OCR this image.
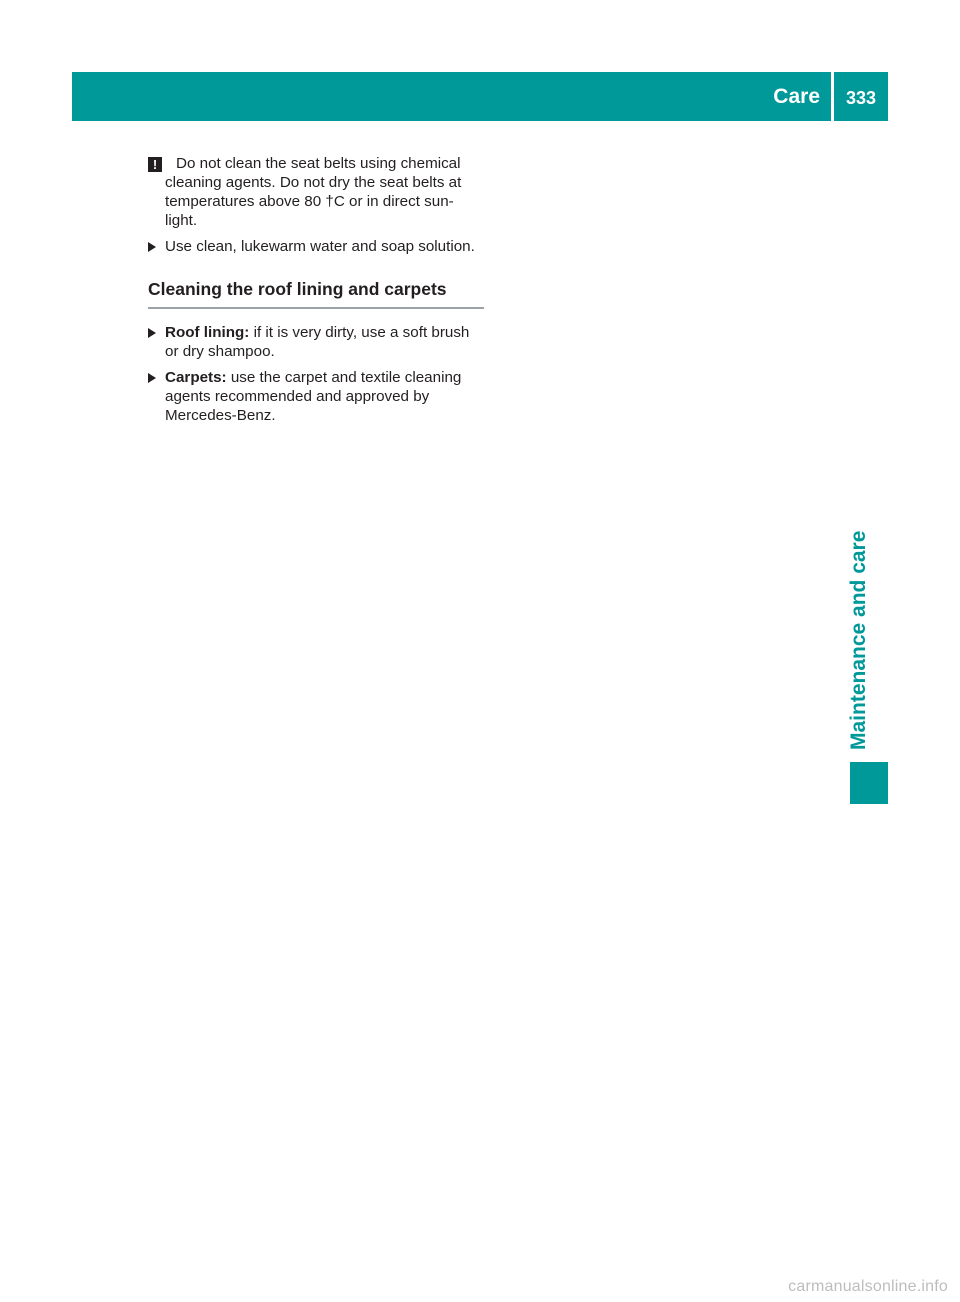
Care	333

!	Do not clean the seat belts using chemical cleaning agents. Do not dry the seat belts at temperatures above 80 †C or in direct sun- light.

Use clean, lukewarm water and soap solution.

Cleaning the roof lining and carpets

Roof lining: if it is very dirty, use a soft brush or dry shampoo.

Carpets: use the carpet and textile cleaning agents recommended and approved by Mercedes-Benz.

Maintenance and care
carmanualsonline.info
